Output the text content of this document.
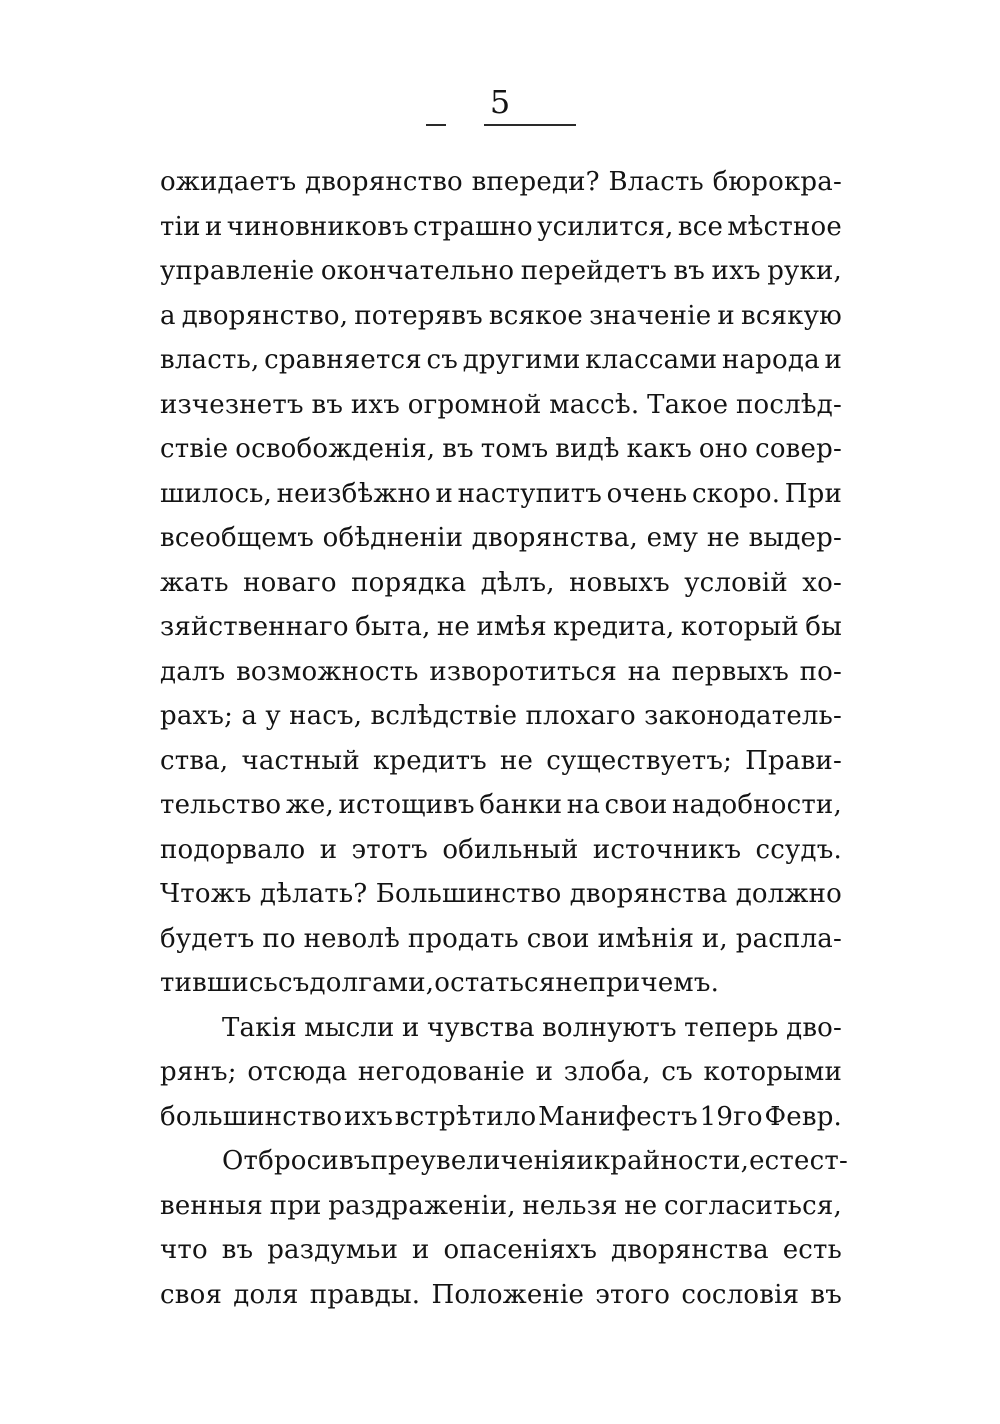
5
ожидаетъ дворянство впереди? Власть бюрокра-
тіи и чиновниковъ страшно усилится, все мѣстное
управленіе окончательно перейдетъ въ ихъ руки,
а дворянство, потерявъ всякое значеніе и всякую
власть, сравняется съ другими классами народа и
изчезнетъ въ ихъ огромной массѣ. Такое послѣд-
ствіе освобожденія, въ томъ видѣ какъ оно совер-
шилось, неизбѣжно и наступитъ очень скоро. При
всеобщемъ обѣдненіи дворянства, ему не выдер-
жать новаго порядка дѣлъ, новыхъ условій хо-
зяйственнаго быта, не имѣя кредита, который бы
далъ возможность изворотиться на первыхъ по-
рахъ; а у насъ, вслѣдствіе плохаго законодатель-
ства, частный кредитъ не существуетъ; Прави-
тельство же, истощивъ банки на свои надобности,
подорвало и этотъ обильный источникъ ссудъ.
Чтожъ дѣлать? Большинство дворянства должно
будетъ по неволѣ продать свои имѣнія и, распла-
тившись съ долгами, остаться не при чемъ.
Такія мысли и чувства волнуютъ теперь дво-
рянъ; отсюда негодованіе и злоба, съ которыми
большинство ихъ встрѣтило Манифестъ 19го Февр.
Отбросивъ преувеличенія и крайности, естест-
венныя при раздраженіи, нельзя не согласиться,
что въ раздумьи и опасеніяхъ дворянства есть
своя доля правды. Положеніе этого сословія въ
